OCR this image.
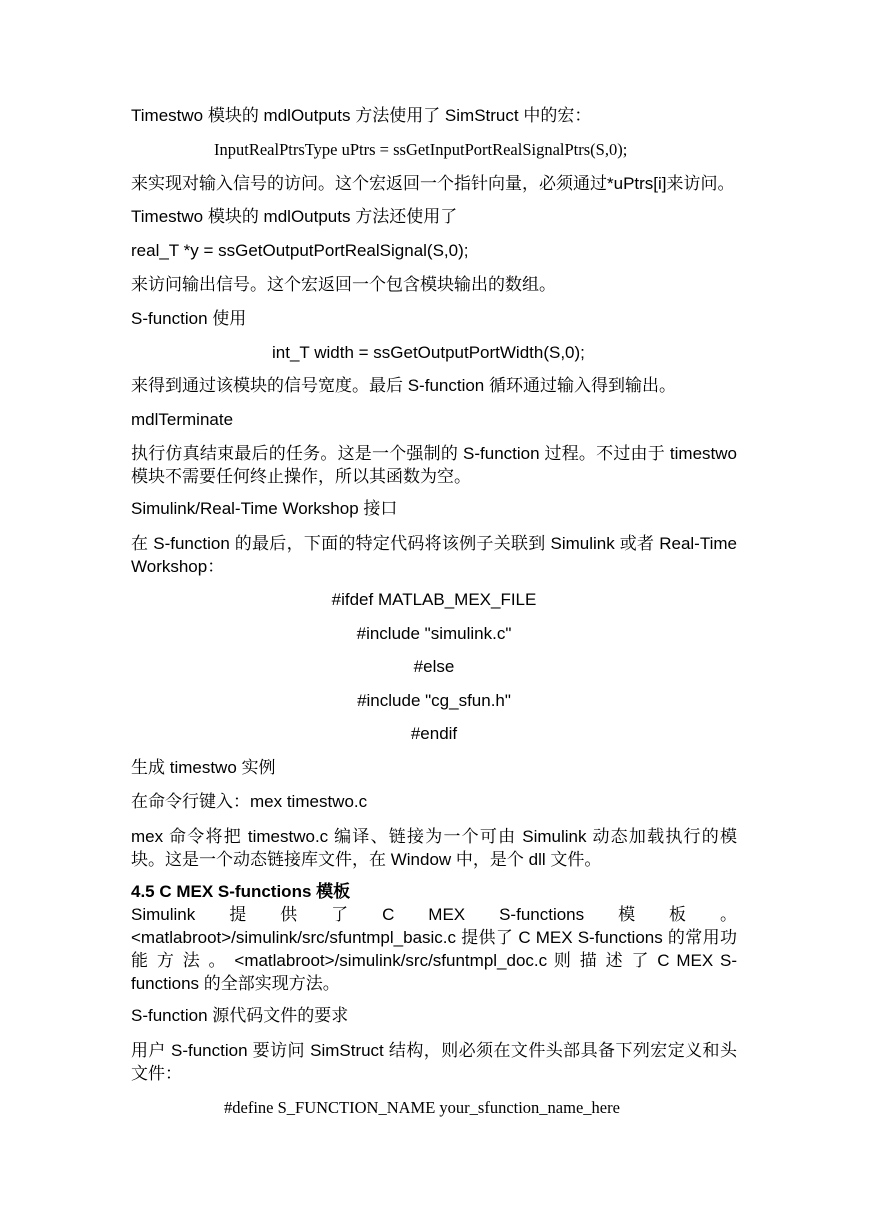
Timestwo 模块的 mdlOutputs 方法使用了 SimStruct 中的宏：
InputRealPtrsType uPtrs = ssGetInputPortRealSignalPtrs(S,0);
来实现对输入信号的访问。这个宏返回一个指针向量，必须通过*uPtrs[i]来访问。
Timestwo 模块的 mdlOutputs 方法还使用了
real_T *y = ssGetOutputPortRealSignal(S,0);
来访问输出信号。这个宏返回一个包含模块输出的数组。
S-function 使用
int_T width = ssGetOutputPortWidth(S,0);
来得到通过该模块的信号宽度。最后 S-function 循环通过输入得到输出。
mdlTerminate
执行仿真结束最后的任务。这是一个强制的 S-function 过程。不过由于 timestwo 模块不需要任何终止操作，所以其函数为空。
Simulink/Real-Time Workshop 接口
在 S-function 的最后，下面的特定代码将该例子关联到 Simulink 或者 Real-Time Workshop：
#ifdef MATLAB_MEX_FILE
#include "simulink.c"
#else
#include "cg_sfun.h"
#endif
生成 timestwo 实例
在命令行键入：mex timestwo.c
mex 命令将把 timestwo.c 编译、链接为一个可由 Simulink 动态加载执行的模块。这是一个动态链接库文件，在 Window 中，是个 dll 文件。
4.5 C MEX S-functions 模板
Simulink 提 供 了 C MEX S-functions 模 板 。
<matlabroot>/simulink/src/sfuntmpl_basic.c 提供了 C MEX S-functions 的常用功 能 方 法 。 <matlabroot>/simulink/src/sfuntmpl_doc.c 则 描 述 了 C MEX S-functions 的全部实现方法。
S-function 源代码文件的要求
用户 S-function 要访问 SimStruct 结构，则必须在文件头部具备下列宏定义和头文件：
#define S_FUNCTION_NAME your_sfunction_name_here
